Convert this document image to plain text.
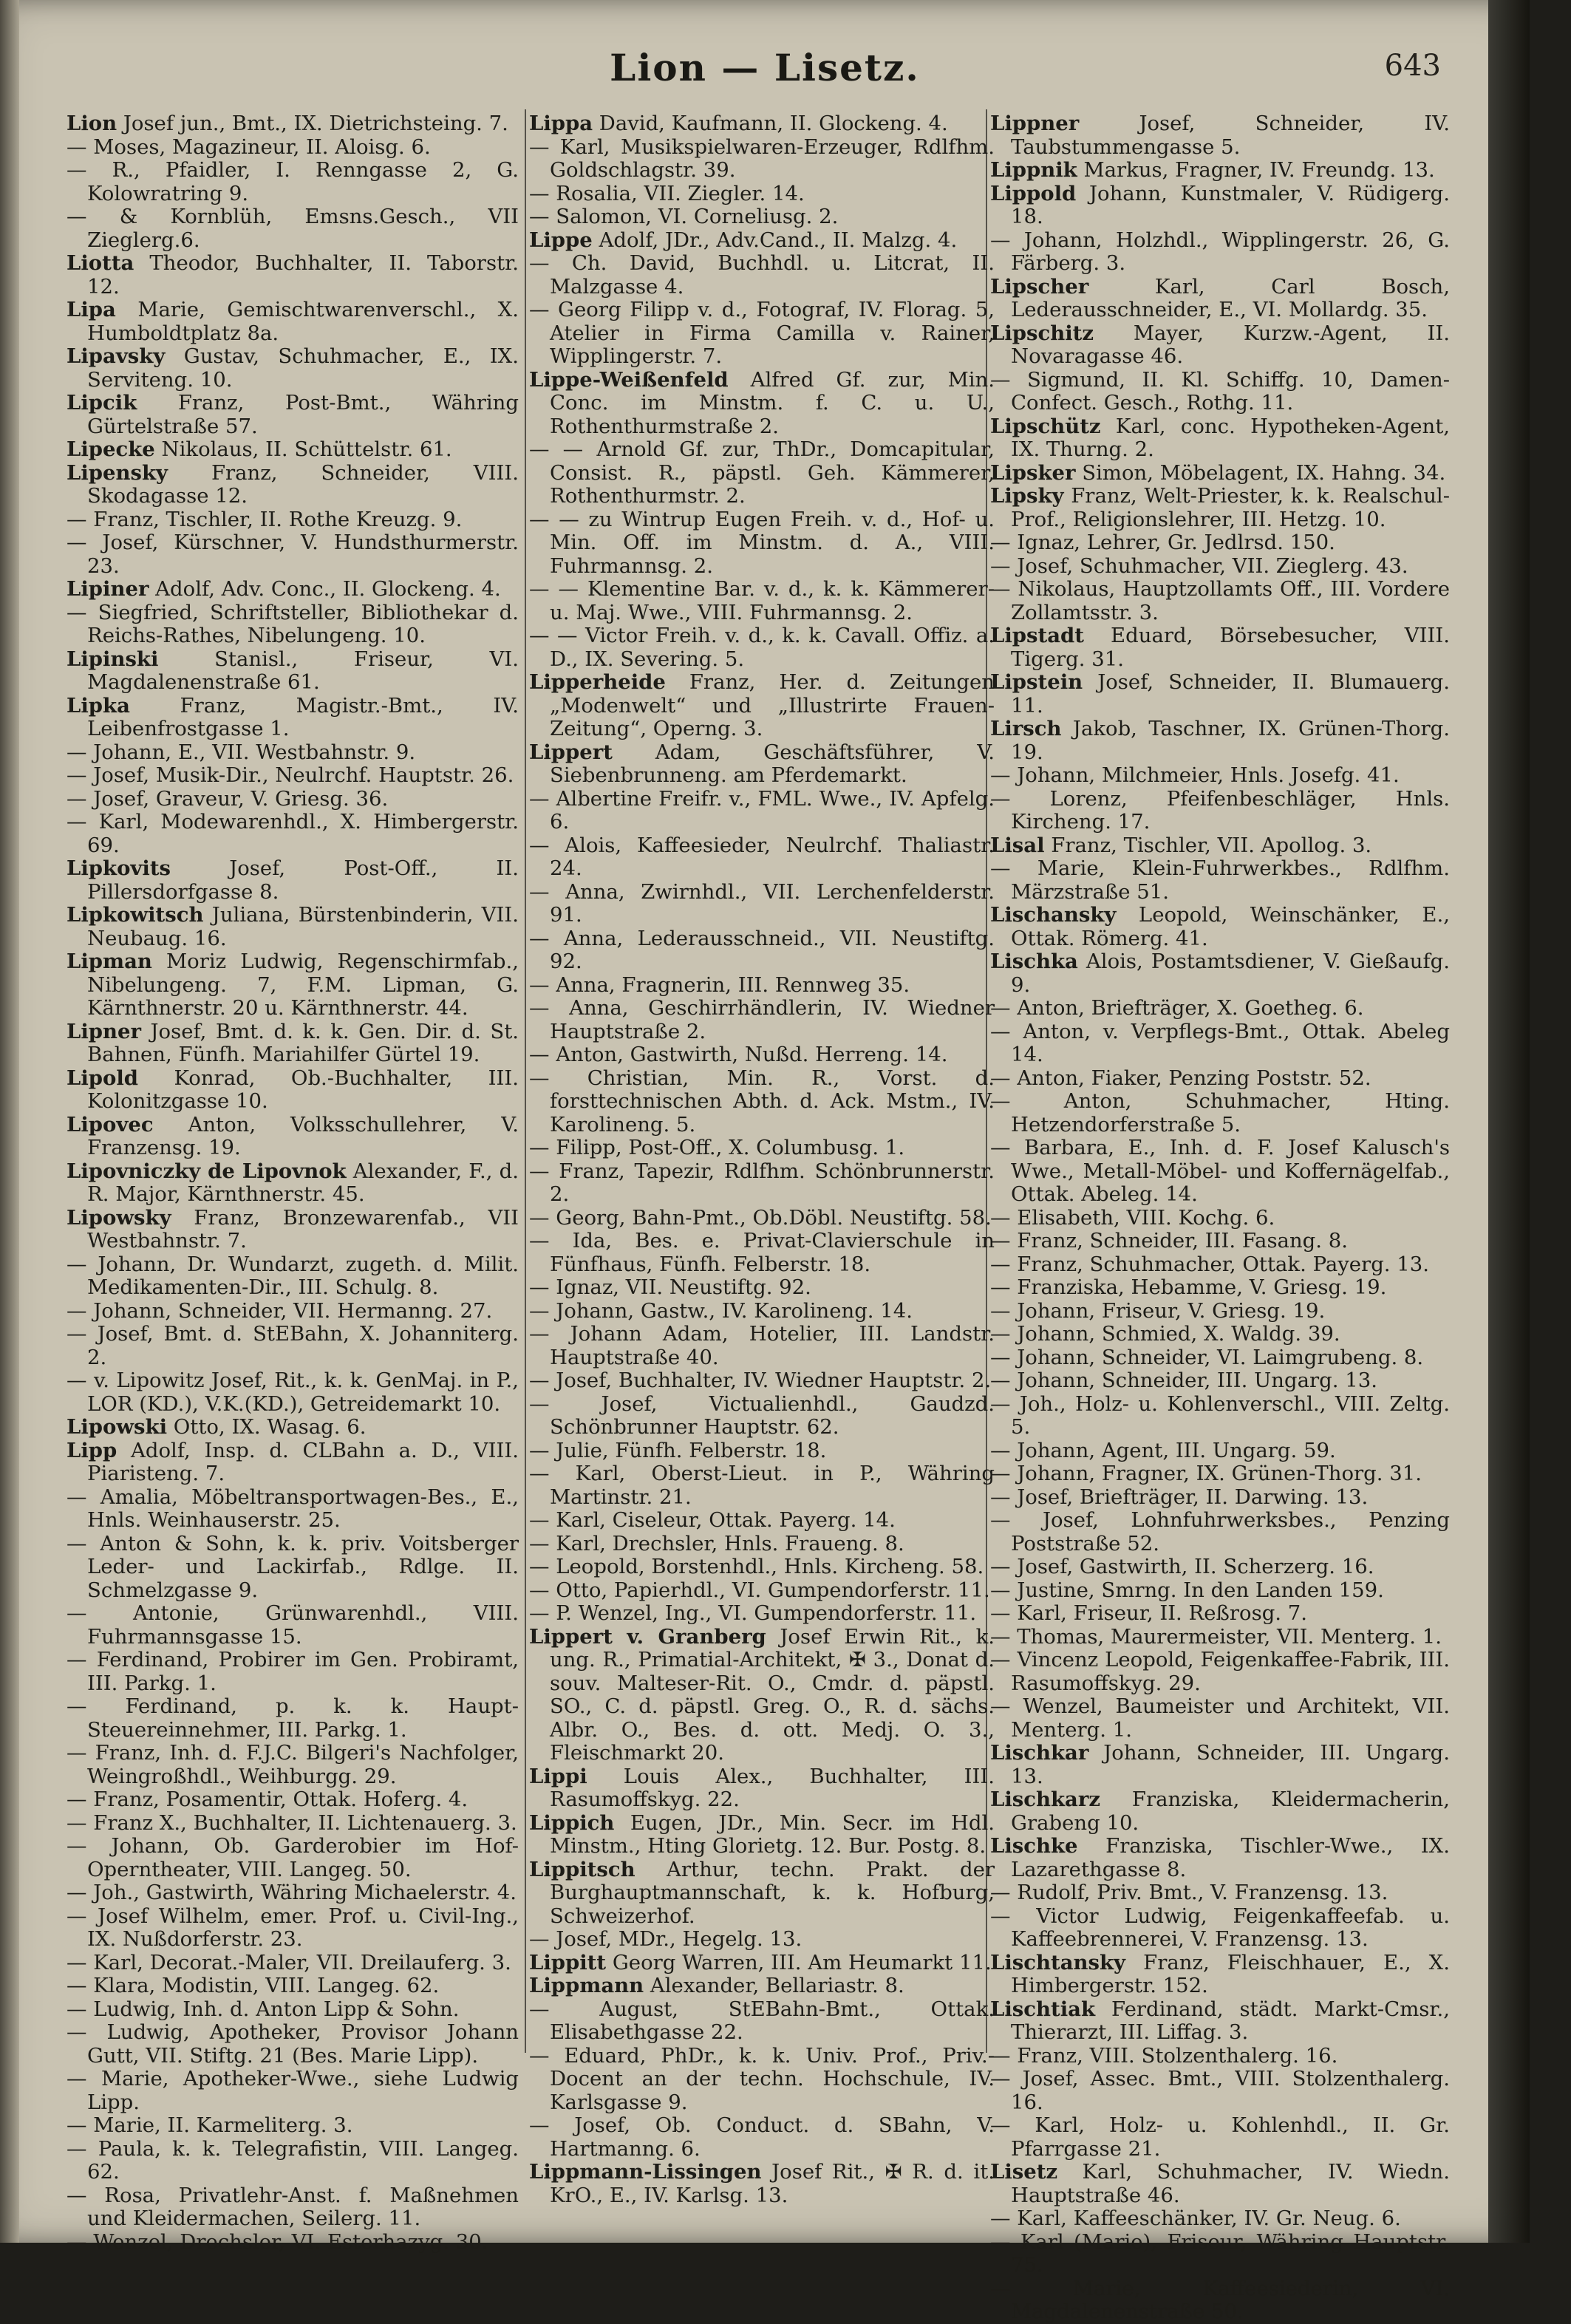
Lion — Lisetz.	643

Lion Josef jun., Bmt., IX. Dietrichsteing. 7.

— Moses, Magazineur, II. Aloisg. 6.

— R., Pfaidler, I. Renngasse 2, G. Kolowratring 9.

— & Kornblüh, Emsns.Gesch., VII Zieglerg.6.

Liotta Theodor, Buchhalter, II. Taborstr. 12.

Lipa Marie, Gemischtwarenverschl., X. Humboldtplatz 8a.

Lipavsky Gustav, Schuhmacher, E., IX. Serviteng. 10.

Lipcik Franz, Post-Bmt., Währing Gürtelstraße 57.

Lipecke Nikolaus, II. Schüttelstr. 61.

Lipensky Franz, Schneider, VIII. Skodagasse 12.

— Franz, Tischler, II. Rothe Kreuzg. 9.

— Josef, Kürschner, V. Hundsthurmerstr. 23.

Lipiner Adolf, Adv. Conc., II. Glockeng. 4.

— Siegfried, Schriftsteller, Bibliothekar d. Reichs-Rathes, Nibelungeng. 10.

Lipinski Stanisl., Friseur, VI. Magdalenenstraße 61.

Lipka Franz, Magistr.-Bmt., IV. Leibenfrostgasse 1.

— Johann, E., VII. Westbahnstr. 9.

— Josef, Musik-Dir., Neulrchf. Hauptstr. 26.

— Josef, Graveur, V. Griesg. 36.

— Karl, Modewarenhdl., X. Himbergerstr. 69.

Lipkovits Josef, Post-Off., II. Pillersdorfgasse 8.

Lipkowitsch Juliana, Bürstenbinderin, VII. Neubaug. 16.

Lipman Moriz Ludwig, Regenschirmfab., Nibelungeng. 7, F.M. Lipman, G. Kärnthnerstr. 20 u. Kärnthnerstr. 44.

Lipner Josef, Bmt. d. k. k. Gen. Dir. d. St. Bahnen, Fünfh. Mariahilfer Gürtel 19.

Lipold Konrad, Ob.-Buchhalter, III. Kolonitzgasse 10.

Lipovec Anton, Volksschullehrer, V. Franzensg. 19.

Lipovniczky de Lipovnok Alexander, F., d. R. Major, Kärnthnerstr. 45.

Lipowsky Franz, Bronzewarenfab., VII Westbahnstr. 7.

— Johann, Dr. Wundarzt, zugeth. d. Milit. Medikamenten-Dir., III. Schulg. 8.

— Johann, Schneider, VII. Hermanng. 27.

— Josef, Bmt. d. StEBahn, X. Johanniterg. 2.

— v. Lipowitz Josef, Rit., k. k. GenMaj. in P., LOR (KD.), V.K.(KD.), Getreidemarkt 10.

Lipowski Otto, IX. Wasag. 6.

Lipp Adolf, Insp. d. CLBahn a. D., VIII. Piaristeng. 7.

— Amalia, Möbeltransportwagen-Bes., E., Hnls. Weinhauserstr. 25.

— Anton & Sohn, k. k. priv. Voitsberger Leder- und Lackirfab., Rdlge. II. Schmelzgasse 9.

— Antonie, Grünwarenhdl., VIII. Fuhrmannsgasse 15.

— Ferdinand, Probirer im Gen. Probiramt, III. Parkg. 1.

— Ferdinand, p. k. k. Haupt-Steuereinnehmer, III. Parkg. 1.

— Franz, Inh. d. F.J.C. Bilgeri's Nachfolger, Weingroßhdl., Weihburgg. 29.

— Franz, Posamentir, Ottak. Hoferg. 4.

— Franz X., Buchhalter, II. Lichtenauerg. 3.

— Johann, Ob. Garderobier im Hof-Operntheater, VIII. Langeg. 50.

— Joh., Gastwirth, Währing Michaelerstr. 4.

— Josef Wilhelm, emer. Prof. u. Civil-Ing., IX. Nußdorferstr. 23.

— Karl, Decorat.-Maler, VII. Dreilauferg. 3.

— Klara, Modistin, VIII. Langeg. 62.

— Ludwig, Inh. d. Anton Lipp & Sohn.

— Ludwig, Apotheker, Provisor Johann Gutt, VII. Stiftg. 21 (Bes. Marie Lipp).

— Marie, Apotheker-Wwe., siehe Ludwig Lipp.

— Marie, II. Karmeliterg. 3.

— Paula, k. k. Telegrafistin, VIII. Langeg. 62.

— Rosa, Privatlehr-Anst. f. Maßnehmen und Kleidermachen, Seilerg. 11.

— Wenzel, Drechsler, VI. Esterhazyg. 30.

Lippa David, Kaufmann, II. Glockeng. 4.

— Karl, Musikspielwaren-Erzeuger, Rdlfhm. Goldschlagstr. 39.

— Rosalia, VII. Ziegler. 14.

— Salomon, VI. Corneliusg. 2.

Lippe Adolf, JDr., Adv.Cand., II. Malzg. 4.

— Ch. David, Buchhdl. u. Litcrat, II. Malzgasse 4.

— Georg Filipp v. d., Fotograf, IV. Florag. 5, Atelier in Firma Camilla v. Rainer, Wipplingerstr. 7.

Lippe-Weißenfeld Alfred Gf. zur, Min. Conc. im Minstm. f. C. u. U., Rothenthurmstraße 2.

— — Arnold Gf. zur, ThDr., Domcapitular, Consist. R., päpstl. Geh. Kämmerer, Rothenthurmstr. 2.

— — zu Wintrup Eugen Freih. v. d., Hof- u. Min. Off. im Minstm. d. A., VIII. Fuhrmannsg. 2.

— — Klementine Bar. v. d., k. k. Kämmerer- u. Maj. Wwe., VIII. Fuhrmannsg. 2.

— — Victor Freih. v. d., k. k. Cavall. Offiz. a. D., IX. Severing. 5.

Lipperheide Franz, Her. d. Zeitungen „Modenwelt“ und „Illustrirte Frauen-Zeitung“, Operng. 3.

Lippert Adam, Geschäftsführer, V. Siebenbrunneng. am Pferdemarkt.

— Albertine Freifr. v., FML. Wwe., IV. Apfelg. 6.

— Alois, Kaffeesieder, Neulrchf. Thaliastr. 24.

— Anna, Zwirnhdl., VII. Lerchenfelderstr. 91.

— Anna, Lederausschneid., VII. Neustiftg. 92.

— Anna, Fragnerin, III. Rennweg 35.

— Anna, Geschirrhändlerin, IV. Wiedner Hauptstraße 2.

— Anton, Gastwirth, Nußd. Herreng. 14.

— Christian, Min. R., Vorst. d. forsttechnischen Abth. d. Ack. Mstm., IV. Karolineng. 5.

— Filipp, Post-Off., X. Columbusg. 1.

— Franz, Tapezir, Rdlfhm. Schönbrunnerstr. 2.

— Georg, Bahn-Pmt., Ob.Döbl. Neustiftg. 58.

— Ida, Bes. e. Privat-Clavierschule in Fünfhaus, Fünfh. Felberstr. 18.

— Ignaz, VII. Neustiftg. 92.

— Johann, Gastw., IV. Karolineng. 14.

— Johann Adam, Hotelier, III. Landstr. Hauptstraße 40.

— Josef, Buchhalter, IV. Wiedner Hauptstr. 2.

— Josef, Victualienhdl., Gaudzd. Schönbrunner Hauptstr. 62.

— Julie, Fünfh. Felberstr. 18.

— Karl, Oberst-Lieut. in P., Währing Martinstr. 21.

— Karl, Ciseleur, Ottak. Payerg. 14.

— Karl, Drechsler, Hnls. Fraueng. 8.

— Leopold, Borstenhdl., Hnls. Kircheng. 58.

— Otto, Papierhdl., VI. Gumpendorferstr. 11.

— P. Wenzel, Ing., VI. Gumpendorferstr. 11.

Lippert v. Granberg Josef Erwin Rit., k. ung. R., Primatial-Architekt, ✠ 3., Donat d. souv. Malteser-Rit. O., Cmdr. d. päpstl. SO., C. d. päpstl. Greg. O., R. d. sächs. Albr. O., Bes. d. ott. Medj. O. 3., Fleischmarkt 20.

Lippi Louis Alex., Buchhalter, III. Rasumoffskyg. 22.

Lippich Eugen, JDr., Min. Secr. im Hdl. Minstm., Hting Glorietg. 12. Bur. Postg. 8.

Lippitsch Arthur, techn. Prakt. der Burghauptmannschaft, k. k. Hofburg, Schweizerhof.

— Josef, MDr., Hegelg. 13.

Lippitt Georg Warren, III. Am Heumarkt 11.

Lippmann Alexander, Bellariastr. 8.

— August, StEBahn-Bmt., Ottak. Elisabethgasse 22.

— Eduard, PhDr., k. k. Univ. Prof., Priv.-Docent an der techn. Hochschule, IV. Karlsgasse 9.

— Josef, Ob. Conduct. d. SBahn, V. Hartmanng. 6.

Lippmann-Lissingen Josef Rit., ✠ R. d. it. KrO., E., IV. Karlsg. 13.

Lippner Josef, Schneider, IV. Taubstummengasse 5.

Lippnik Markus, Fragner, IV. Freundg. 13.

Lippold Johann, Kunstmaler, V. Rüdigerg. 18.

— Johann, Holzhdl., Wipplingerstr. 26, G. Färberg. 3.

Lipscher Karl, Carl Bosch, Lederausschneider, E., VI. Mollardg. 35.

Lipschitz Mayer, Kurzw.-Agent, II. Novaragasse 46.

— Sigmund, II. Kl. Schiffg. 10, Damen-Confect. Gesch., Rothg. 11.

Lipschütz Karl, conc. Hypotheken-Agent, IX. Thurng. 2.

Lipsker Simon, Möbelagent, IX. Hahng. 34.

Lipsky Franz, Welt-Priester, k. k. Realschul-Prof., Religionslehrer, III. Hetzg. 10.

— Ignaz, Lehrer, Gr. Jedlrsd. 150.

— Josef, Schuhmacher, VII. Zieglerg. 43.

— Nikolaus, Hauptzollamts Off., III. Vordere Zollamtsstr. 3.

Lipstadt Eduard, Börsebesucher, VIII. Tigerg. 31.

Lipstein Josef, Schneider, II. Blumauerg. 11.

Lirsch Jakob, Taschner, IX. Grünen-Thorg. 19.

— Johann, Milchmeier, Hnls. Josefg. 41.

— Lorenz, Pfeifenbeschläger, Hnls. Kircheng. 17.

Lisal Franz, Tischler, VII. Apollog. 3.

— Marie, Klein-Fuhrwerkbes., Rdlfhm. Märzstraße 51.

Lischansky Leopold, Weinschänker, E., Ottak. Römerg. 41.

Lischka Alois, Postamtsdiener, V. Gießaufg. 9.

— Anton, Briefträger, X. Goetheg. 6.

— Anton, v. Verpflegs-Bmt., Ottak. Abeleg 14.

— Anton, Fiaker, Penzing Poststr. 52.

— Anton, Schuhmacher, Hting. Hetzendorferstraße 5.

— Barbara, E., Inh. d. F. Josef Kalusch's Wwe., Metall-Möbel- und Koffernägelfab., Ottak. Abeleg. 14.

— Elisabeth, VIII. Kochg. 6.

— Franz, Schneider, III. Fasang. 8.

— Franz, Schuhmacher, Ottak. Payerg. 13.

— Franziska, Hebamme, V. Griesg. 19.

— Johann, Friseur, V. Griesg. 19.

— Johann, Schmied, X. Waldg. 39.

— Johann, Schneider, VI. Laimgrubeng. 8.

— Johann, Schneider, III. Ungarg. 13.

— Joh., Holz- u. Kohlenverschl., VIII. Zeltg. 5.

— Johann, Agent, III. Ungarg. 59.

— Johann, Fragner, IX. Grünen-Thorg. 31.

— Josef, Briefträger, II. Darwing. 13.

— Josef, Lohnfuhrwerksbes., Penzing Poststraße 52.

— Josef, Gastwirth, II. Scherzerg. 16.

— Justine, Smrng. In den Landen 159.

— Karl, Friseur, II. Reßrosg. 7.

— Thomas, Maurermeister, VII. Menterg. 1.

— Vincenz Leopold, Feigenkaffee-Fabrik, III. Rasumoffskyg. 29.

— Wenzel, Baumeister und Architekt, VII. Menterg. 1.

Lischkar Johann, Schneider, III. Ungarg. 13.

Lischkarz Franziska, Kleidermacherin, Grabeng 10.

Lischke Franziska, Tischler-Wwe., IX. Lazarethgasse 8.

— Rudolf, Priv. Bmt., V. Franzensg. 13.

— Victor Ludwig, Feigenkaffeefab. u. Kaffeebrennerei, V. Franzensg. 13.

Lischtansky Franz, Fleischhauer, E., X. Himbergerstr. 152.

Lischtiak Ferdinand, städt. Markt-Cmsr., Thierarzt, III. Liffag. 3.

— Franz, VIII. Stolzenthalerg. 16.

— Josef, Assec. Bmt., VIII. Stolzenthalerg. 16.

— Karl, Holz- u. Kohlenhdl., II. Gr. Pfarrgasse 21.

Lisetz Karl, Schuhmacher, IV. Wiedn. Hauptstraße 46.

— Karl, Kaffeeschänker, IV. Gr. Neug. 6.

— Karl (Marie), Friseur, Währing Hauptstr. 75.

— Marie, Kaffeesiederin, VI. Magdalenenstraße 50.
